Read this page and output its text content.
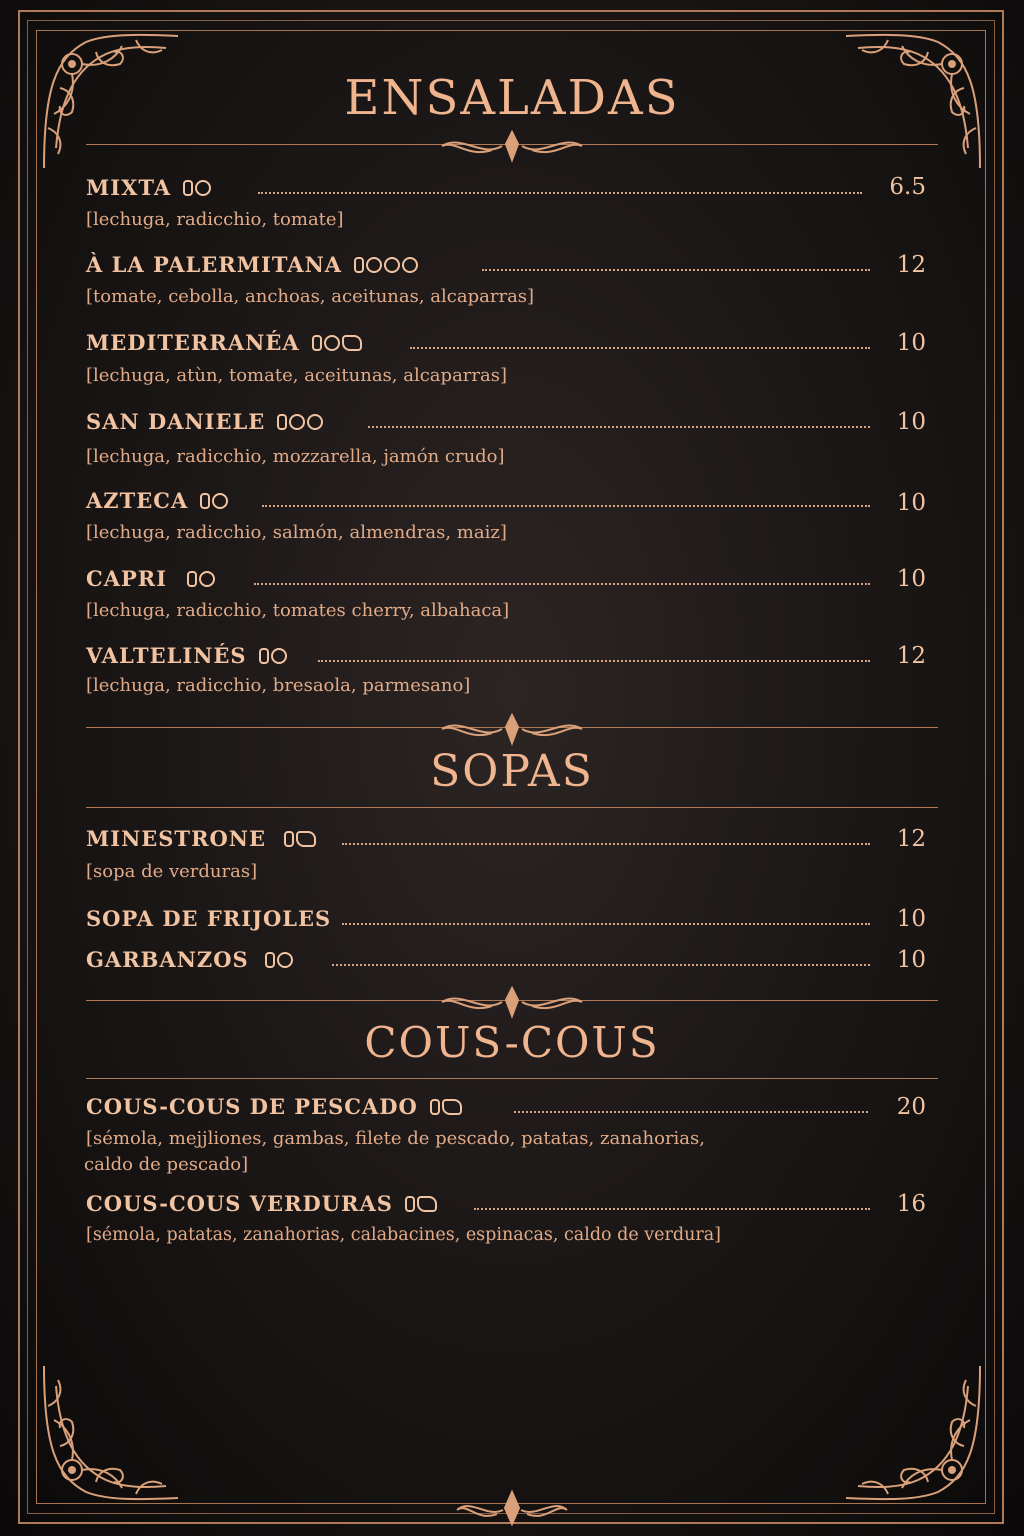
ENSALADAS
MIXTA	6.5
[lechuga, radicchio, tomate]
À LA PALERMITANA	12
[tomate, cebolla, anchoas, aceitunas, alcaparras]
MEDITERRANÉA	10
[lechuga, atùn, tomate, aceitunas, alcaparras]
SAN DANIELE	10
[lechuga, radicchio, mozzarella, jamón crudo]
AZTECA	10
[lechuga, radicchio, salmón, almendras, maiz]
CAPRI	10
[lechuga, radicchio, tomates cherry, albahaca]
VALTELINÉS	12
[lechuga, radicchio, bresaola, parmesano]
SOPAS
MINESTRONE	12
[sopa de verduras]
SOPA DE FRIJOLES	10
GARBANZOS	10
COUS-COUS
COUS-COUS DE PESCADO	20
[sémola, mejjliones, gambas, filete de pescado, patatas, zanahorias,
caldo de pescado]
COUS-COUS VERDURAS	16
[sémola, patatas, zanahorias, calabacines, espinacas, caldo de verdura]
